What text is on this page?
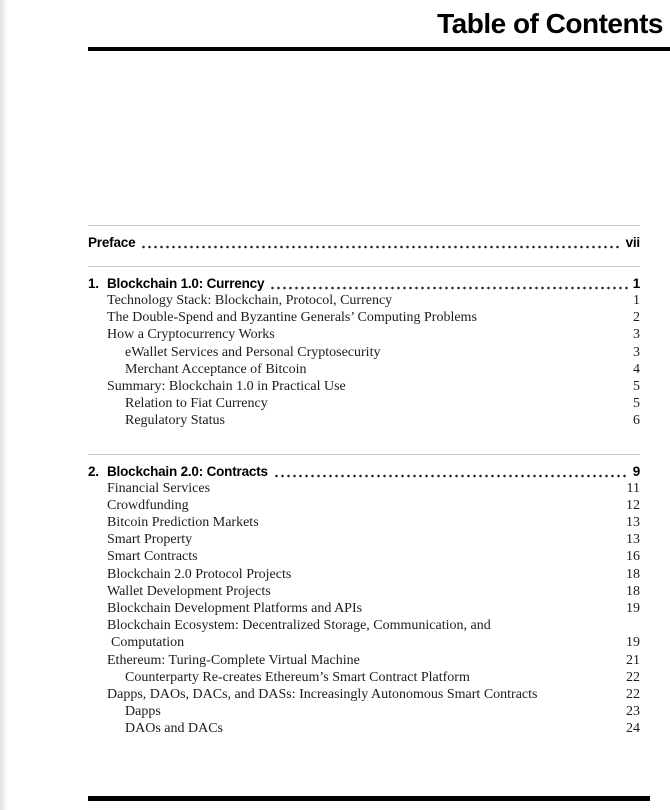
Table of Contents
Preface	vii
1. Blockchain 1.0: Currency	1
Technology Stack: Blockchain, Protocol, Currency	1
The Double-Spend and Byzantine Generals’ Computing Problems	2
How a Cryptocurrency Works	3
eWallet Services and Personal Cryptosecurity	3
Merchant Acceptance of Bitcoin	4
Summary: Blockchain 1.0 in Practical Use	5
Relation to Fiat Currency	5
Regulatory Status	6
2. Blockchain 2.0: Contracts	9
Financial Services	11
Crowdfunding	12
Bitcoin Prediction Markets	13
Smart Property	13
Smart Contracts	16
Blockchain 2.0 Protocol Projects	18
Wallet Development Projects	18
Blockchain Development Platforms and APIs	19
Blockchain Ecosystem: Decentralized Storage, Communication, and
Computation	19
Ethereum: Turing-Complete Virtual Machine	21
Counterparty Re-creates Ethereum’s Smart Contract Platform	22
Dapps, DAOs, DACs, and DASs: Increasingly Autonomous Smart Contracts	22
Dapps	23
DAOs and DACs	24
